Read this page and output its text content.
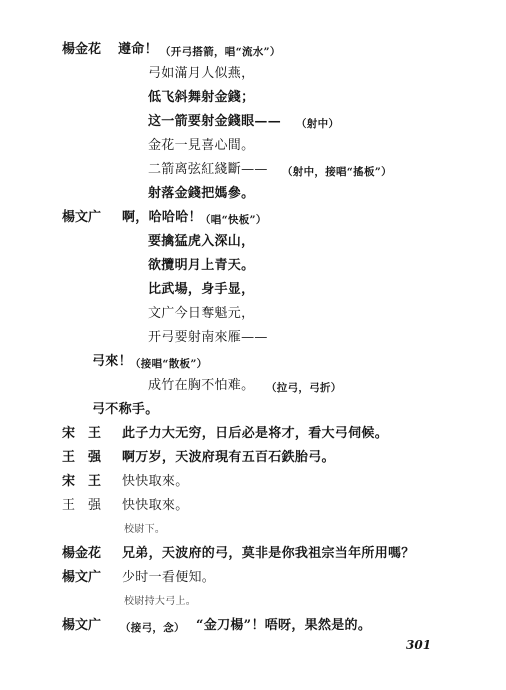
楊金花 遵命！ （开弓搭箭，唱“流水”）
弓如滿月人似燕，
低飞斜舞射金錢；
这一箭要射金錢眼—— （射中）
金花一見喜心間。
二箭离弦紅綫斷—— （射中，接唱“搖板”）
射落金錢把媽參。
楊文广 啊，哈哈哈！
（唱“快板”）
要擒猛虎入深山，
欲攬明月上青天。
比武場，身手显，
文广今日奪魁元，
开弓要射南來雁——
弓來！
（接唱“散板”）
成竹在胸不怕难。 （拉弓，弓折）
弓不称手。
宋　王 此子力大无穷，日后必是将才，看大弓伺候。
王　强 啊万岁，天波府現有五百石鉄胎弓。
宋　王 快快取來。
王　强 快快取來。
校尉下。
楊金花 兄弟，天波府的弓，莫非是你我祖宗当年所用嗎？
楊文广 少时一看便知。
校尉持大弓上。
楊文广 （接弓，念） “金刀楊”！唔呀，果然是的。
301
